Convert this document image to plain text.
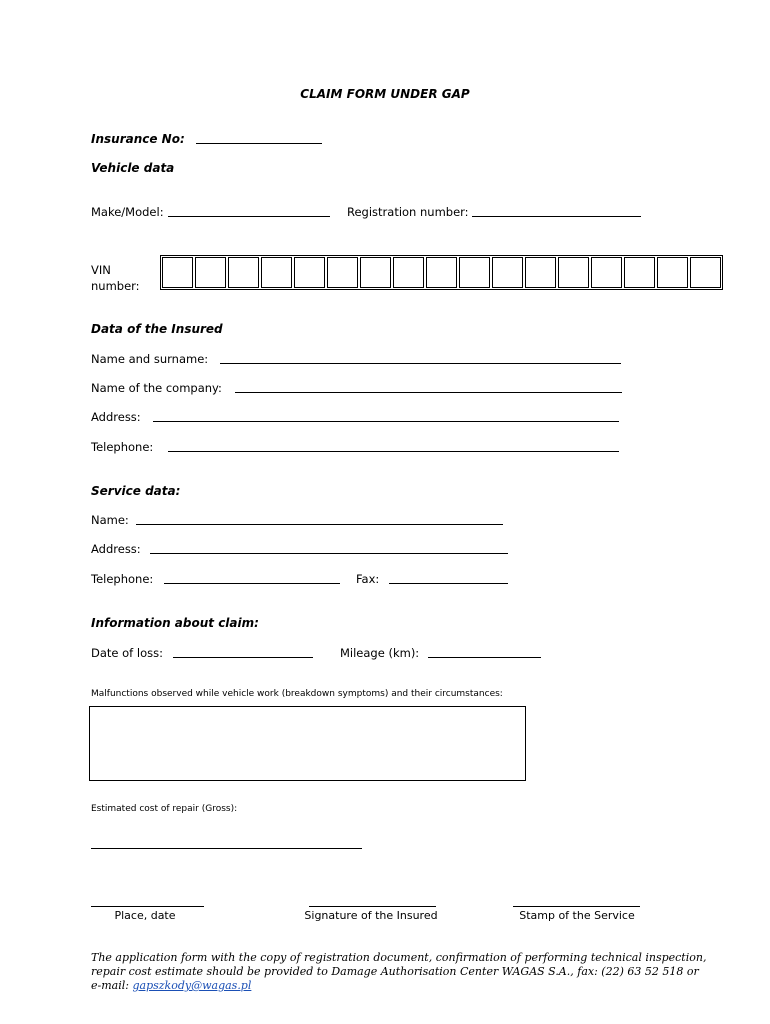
CLAIM FORM UNDER GAP
Insurance No:
Vehicle data
Make/Model:	Registration number:
VIN
number:
Data of the Insured
Name and surname:
Name of the company:
Address:
Telephone:
Service data:
Name:
Address:
Telephone:	Fax:
Information about claim:
Date of loss:	Mileage (km):
Malfunctions observed while vehicle work (breakdown symptoms) and their circumstances:
Estimated cost of repair (Gross):
Place, date	Signature of the Insured	Stamp of the Service
The application form with the copy of registration document, confirmation of performing technical inspection, repair cost estimate should be provided to Damage Authorisation Center WAGAS S.A., fax: (22) 63 52 518 or e-mail: gapszkody@wagas.pl
